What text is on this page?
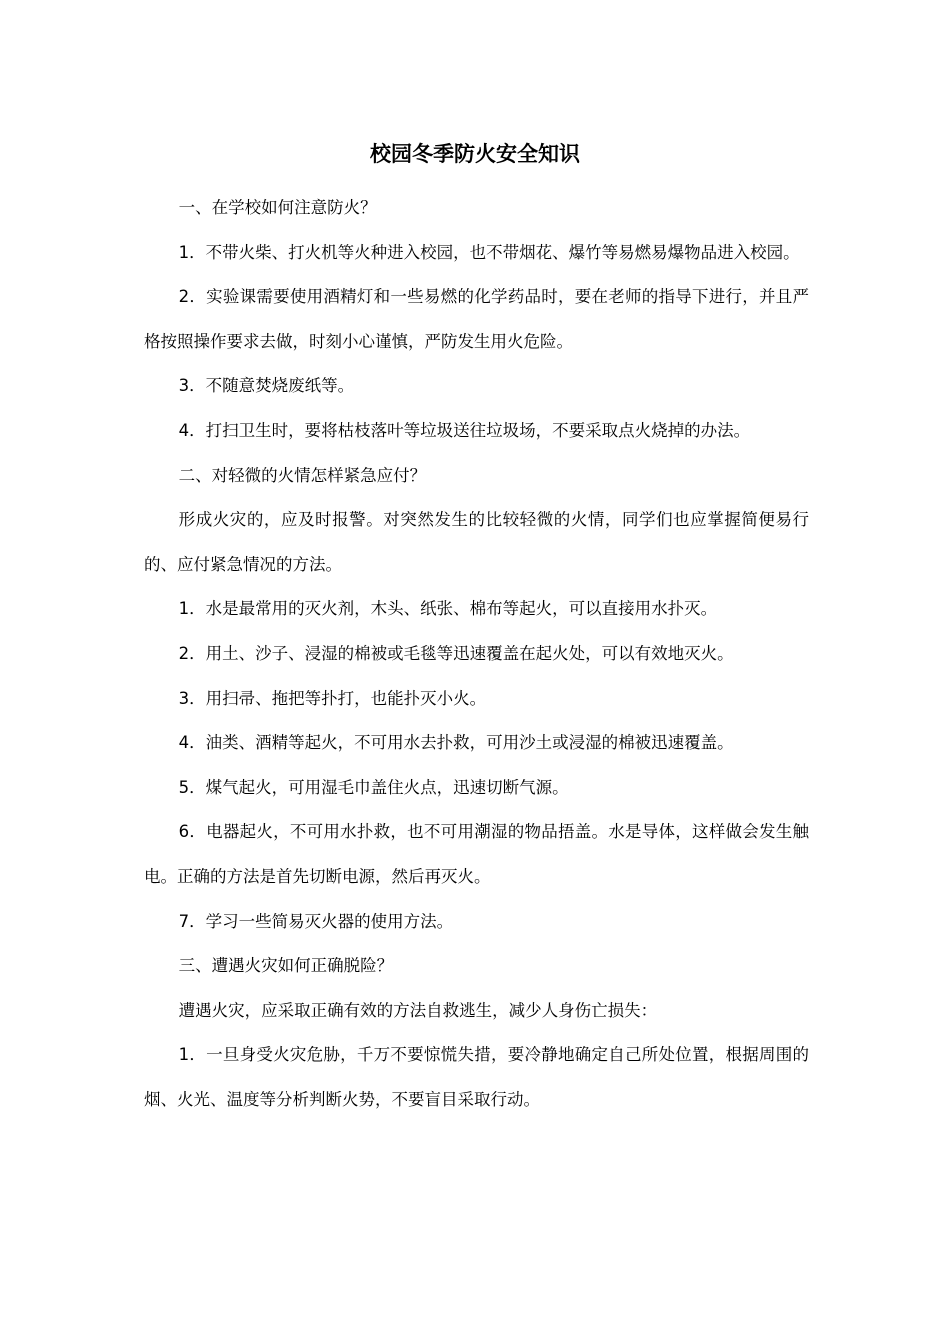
校园冬季防火安全知识

一、在学校如何注意防火？

1．不带火柴、打火机等火种进入校园，也不带烟花、爆竹等易燃易爆物品进入校园。

2．实验课需要使用酒精灯和一些易燃的化学药品时，要在老师的指导下进行，并且严格按照操作要求去做，时刻小心谨慎，严防发生用火危险。

3．不随意焚烧废纸等。

4．打扫卫生时，要将枯枝落叶等垃圾送往垃圾场，不要采取点火烧掉的办法。

二、对轻微的火情怎样紧急应付？

形成火灾的，应及时报警。对突然发生的比较轻微的火情，同学们也应掌握简便易行的、应付紧急情况的方法。

1．水是最常用的灭火剂，木头、纸张、棉布等起火，可以直接用水扑灭。

2．用土、沙子、浸湿的棉被或毛毯等迅速覆盖在起火处，可以有效地灭火。

3．用扫帚、拖把等扑打，也能扑灭小火。

4．油类、酒精等起火，不可用水去扑救，可用沙土或浸湿的棉被迅速覆盖。

5．煤气起火，可用湿毛巾盖住火点，迅速切断气源。

6．电器起火，不可用水扑救，也不可用潮湿的物品捂盖。水是导体，这样做会发生触电。正确的方法是首先切断电源，然后再灭火。

7．学习一些简易灭火器的使用方法。

三、遭遇火灾如何正确脱险？

遭遇火灾，应采取正确有效的方法自救逃生，减少人身伤亡损失：

1．一旦身受火灾危胁，千万不要惊慌失措，要冷静地确定自己所处位置，根据周围的烟、火光、温度等分析判断火势，不要盲目采取行动。
